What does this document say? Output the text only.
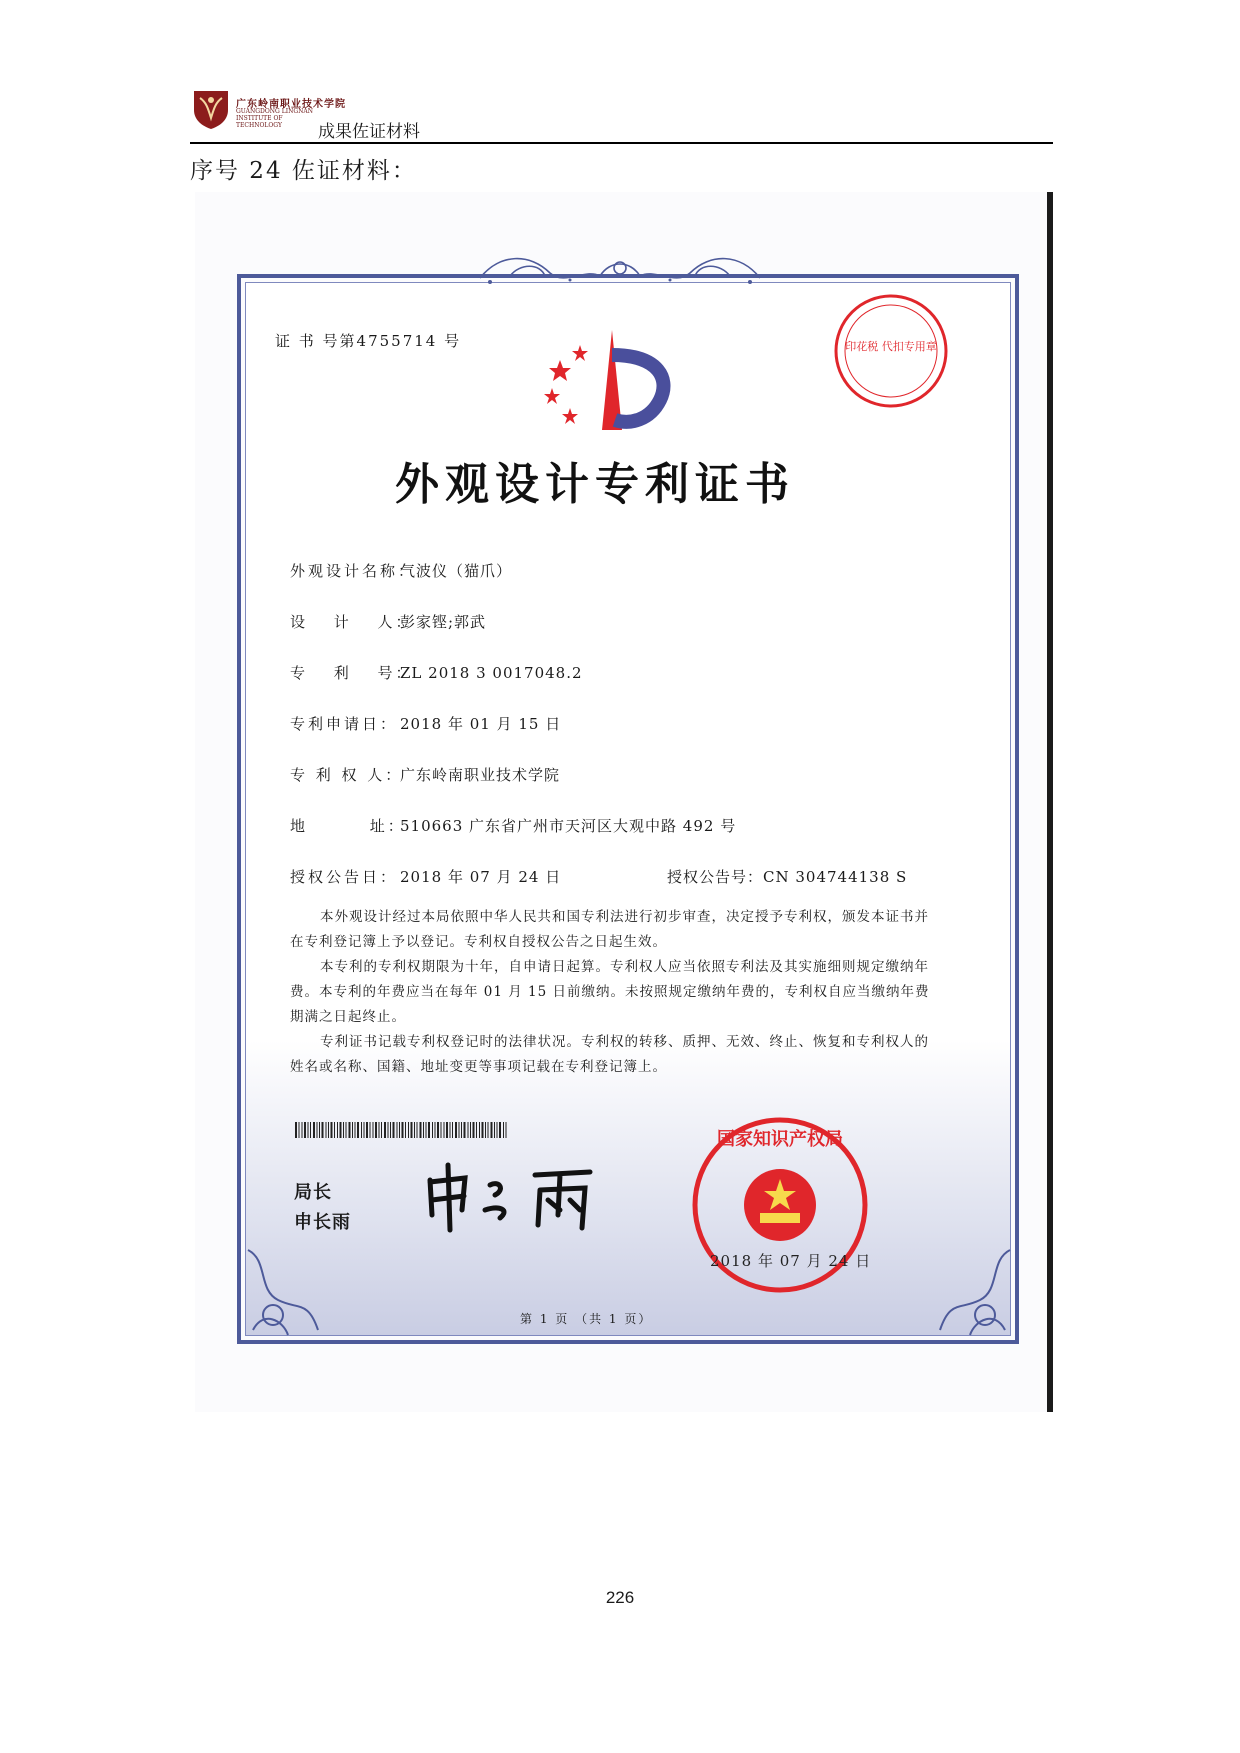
广东岭南职业技术学院
GUANGDONG LINGNAN INSTITUTE OF TECHNOLOGY	成果佐证材料
序号 24 佐证材料：
证 书 号第4755714 号
外观设计专利证书
印花税 代扣专用章
外观设计名称：气波仪（猫爪）
设　 计　 人：彭家铿;郭武
专　 利　 号：ZL 2018 3 0017048.2
专利申请日： 2018 年 01 月 15 日
专 利 权 人：广东岭南职业技术学院
地　　　 址：510663 广东省广州市天河区大观中路 492 号
授权公告日： 2018 年 07 月 24 日	授权公告号：CN 304744138 S
本外观设计经过本局依照中华人民共和国专利法进行初步审查，决定授予专利权，颁发本证书并在专利登记簿上予以登记。专利权自授权公告之日起生效。
本专利的专利权期限为十年，自申请日起算。专利权人应当依照专利法及其实施细则规定缴纳年费。本专利的年费应当在每年 01 月 15 日前缴纳。未按照规定缴纳年费的，专利权自应当缴纳年费期满之日起终止。
专利证书记载专利权登记时的法律状况。专利权的转移、质押、无效、终止、恢复和专利权人的姓名或名称、国籍、地址变更等事项记载在专利登记簿上。
局长
申长雨
国家知识产权局
2018 年 07 月 24 日
第 1 页 （共 1 页）
226
